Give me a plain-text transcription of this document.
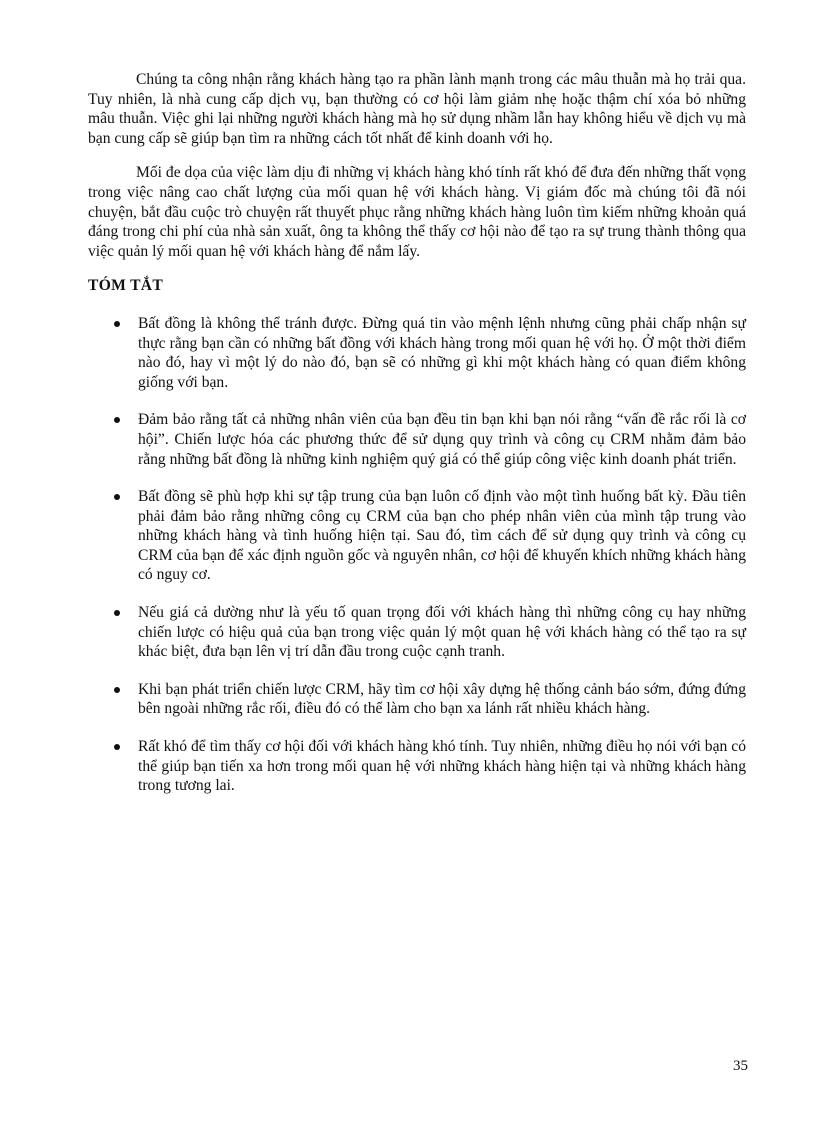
Chúng ta công nhận rằng khách hàng tạo ra phần lành mạnh trong các mâu thuẫn mà họ trải qua. Tuy nhiên, là nhà cung cấp dịch vụ, bạn thường có cơ hội làm giảm nhẹ hoặc thậm chí xóa bỏ những mâu thuẫn. Việc ghi lại những người khách hàng mà họ sử dụng nhầm lẫn hay không hiểu về dịch vụ mà bạn cung cấp sẽ giúp bạn tìm ra những cách tốt nhất để kinh doanh với họ.

Mối đe dọa của việc làm dịu đi những vị khách hàng khó tính rất khó để đưa đến những thất vọng trong việc nâng cao chất lượng của mối quan hệ với khách hàng. Vị giám đốc mà chúng tôi đã nói chuyện, bắt đầu cuộc trò chuyện rất thuyết phục rằng những khách hàng luôn tìm kiếm những khoản quá đáng trong chi phí của nhà sản xuất, ông ta không thể thấy cơ hội nào để tạo ra sự trung thành thông qua việc quản lý mối quan hệ với khách hàng để nắm lấy.

TÓM TẮT
Bất đồng là không thể tránh được. Đừng quá tin vào mệnh lệnh nhưng cũng phải chấp nhận sự thực rằng bạn cần có những bất đồng với khách hàng trong mối quan hệ với họ. Ở một thời điểm nào đó, hay vì một lý do nào đó, bạn sẽ có những gì khi một khách hàng có quan điểm không giống với bạn.
Đảm bảo rằng tất cả những nhân viên của bạn đều tin bạn khi bạn nói rằng “vấn đề rắc rối là cơ hội”. Chiến lược hóa các phương thức để sử dụng quy trình và công cụ CRM nhằm đảm bảo rằng những bất đồng là những kinh nghiệm quý giá có thể giúp công việc kinh doanh phát triển.
Bất đồng sẽ phù hợp khi sự tập trung của bạn luôn cố định vào một tình huống bất kỳ. Đầu tiên phải đảm bảo rằng những công cụ CRM của bạn cho phép nhân viên của mình tập trung vào những khách hàng và tình huống hiện tại. Sau đó, tìm cách để sử dụng quy trình và công cụ CRM của bạn để xác định nguồn gốc và nguyên nhân, cơ hội để khuyến khích những khách hàng có nguy cơ.
Nếu giá cả dường như là yếu tố quan trọng đối với khách hàng thì những công cụ hay những chiến lược có hiệu quả của bạn trong việc quản lý một quan hệ với khách hàng có thể tạo ra sự khác biệt, đưa bạn lên vị trí dẫn đầu trong cuộc cạnh tranh.
Khi bạn phát triển chiến lược CRM, hãy tìm cơ hội xây dựng hệ thống cảnh báo sớm, đứng đứng bên ngoài những rắc rối, điều đó có thể làm cho bạn xa lánh rất nhiều khách hàng.
Rất khó để tìm thấy cơ hội đối với khách hàng khó tính. Tuy nhiên, những điều họ nói với bạn có thể giúp bạn tiến xa hơn trong mối quan hệ với những khách hàng hiện tại và những khách hàng trong tương lai.
35
